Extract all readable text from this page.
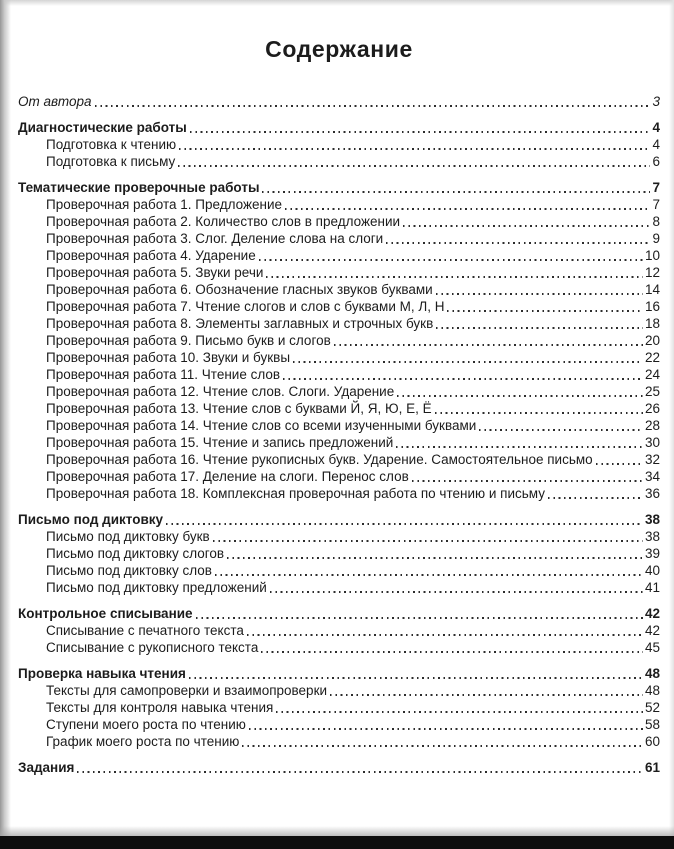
Содержание
От автора	3
Диагностические работы	4
Подготовка к чтению	4
Подготовка к письму	6
Тематические проверочные работы	7
Проверочная работа 1. Предложение	7
Проверочная работа 2. Количество слов в предложении	8
Проверочная работа 3. Слог. Деление слова на слоги	9
Проверочная работа 4. Ударение	10
Проверочная работа 5. Звуки речи	12
Проверочная работа 6. Обозначение гласных звуков буквами	14
Проверочная работа 7. Чтение слогов и слов с буквами М, Л, Н	16
Проверочная работа 8. Элементы заглавных и строчных букв	18
Проверочная работа 9. Письмо букв и слогов	20
Проверочная работа 10. Звуки и буквы	22
Проверочная работа 11. Чтение слов	24
Проверочная работа 12. Чтение слов. Слоги. Ударение	25
Проверочная работа 13. Чтение слов с буквами Й, Я, Ю, Е, Ё	26
Проверочная работа 14. Чтение слов со всеми изученными буквами	28
Проверочная работа 15. Чтение и запись предложений	30
Проверочная работа 16. Чтение рукописных букв. Ударение. Самостоятельное письмо	32
Проверочная работа 17. Деление на слоги. Перенос слов	34
Проверочная работа 18. Комплексная проверочная работа по чтению и письму	36
Письмо под диктовку	38
Письмо под диктовку букв	38
Письмо под диктовку слогов	39
Письмо под диктовку слов	40
Письмо под диктовку предложений	41
Контрольное списывание	42
Списывание с печатного текста	42
Списывание с рукописного текста	45
Проверка навыка чтения	48
Тексты для самопроверки и взаимопроверки	48
Тексты для контроля навыка чтения	52
Ступени моего роста по чтению	58
График моего роста по чтению	60
Задания	61
